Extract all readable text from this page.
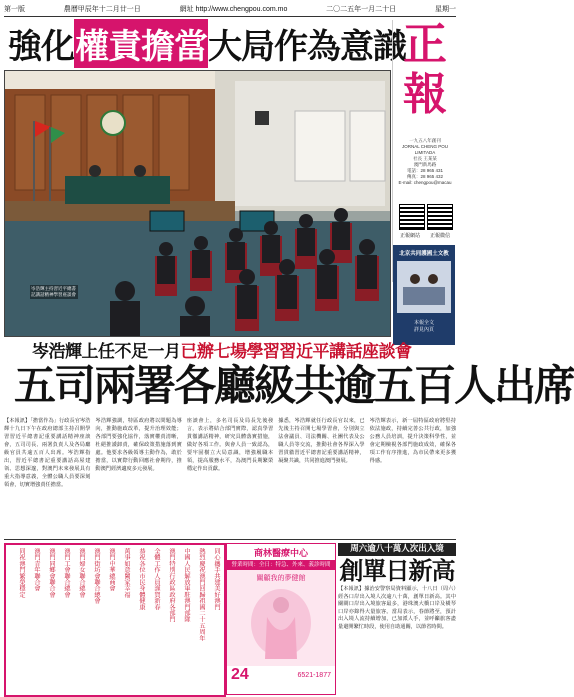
第一版	農曆甲辰年十二月廿一日	網址 http://www.chengpou.com.mo	二〇二五年一月二十日	星期一
強化 權責擔當 大局作為意識
正
報
一九五八年創刊
JORNAL CHENG POU LIMITADA
社長 王某某
澳門新馬路
電話：28 965 431
傳真：28 965 432
E-mail: chengpou@macau
正報網站 正報微信
北京共同護國土文教
本報全文
詳見內頁
岑浩輝主持習近平總書記講話精神學習座談會
岑浩輝上任不足一月已辦七場學習習近平講話座談會
五司兩署各廳級共逾五百人出席
【本報訊】「擔當作為」行政長官岑浩輝十九日下午在政府總部主持召開學習習近平總書記重要講話精神座談會，五司司長、兩署負責人及各局廳級官員共逾五百人出席。岑浩輝指出，習近平總書記重要講話高屋建瓴、思想深邃，對澳門未來發展具有重大指導意義，全體公職人員要深刻領會，切實增強責任擔當。
岑浩輝強調，特區政府將以問題為導向，推動施政改革，提升治理效能；各部門要強化協作，落實權責清晰，杜絕推諉卸責，確保政策措施落到實處。他要求各級領導主動作為，敢於擔當，以實際行動回應社會期待，推動澳門經濟適度多元發展。
座談會上，多名司長及局長先後發言，表示將結合部門實際，認真學習貫徹講話精神，研究具體落實措施，做好各項工作。與會人員一致認為，要牢固樹立大局意識，增強履職本領，提高服務水平，為澳門長期繁榮穩定作出貢獻。
據悉，岑浩輝就任行政長官以來，已先後主持召開七場學習會，分別與立法會議員、司法機關、社團代表及公職人員等交流，推動社會各界深入學習貫徹習近平總書記重要講話精神，凝聚共識，共同推進澳門發展。
岑浩輝表示，新一屆特區政府將堅持依法施政，持續完善公共行政，加強公務人員培訓，提升決策科學性，並會定期檢視各部門施政成效，確保各項工作有序推進，為市民帶來更多獲得感。
同心攜手共建美好澳門
熱烈慶祝澳門回歸祖國二十五周年
中國人民解放軍駐澳門部隊
澳門特別行政區政府各部門
全體工作人員謹賀新春
恭祝各位市民身體健康
萬事如意闔家幸福
澳門中華總商會
澳門街坊會聯合總會
澳門婦女聯合總會
澳門工會聯合總會
澳門同鄉會聯合會
澳門青年聯合會
同祝澳門繁榮穩定	商林醫療中心
營業時間：全日：特急、外來、義診時間
關顧我的夢健館
24	6521-1877
周六逾八十萬人次出入境
創單日新高
【本報訊】據治安警察局資料顯示，十八日（周六）經各口岸出入境人次逾八十萬，創單日新高。其中關閘口岸出入境旅客最多，港珠澳大橋口岸及橫琴口岸亦錄得大量旅客。當局表示，春節將至，預計出入境人流持續增加，已加派人手，並呼籲旅客盡量避開繁忙時段，使用自助通關，以節省時間。
